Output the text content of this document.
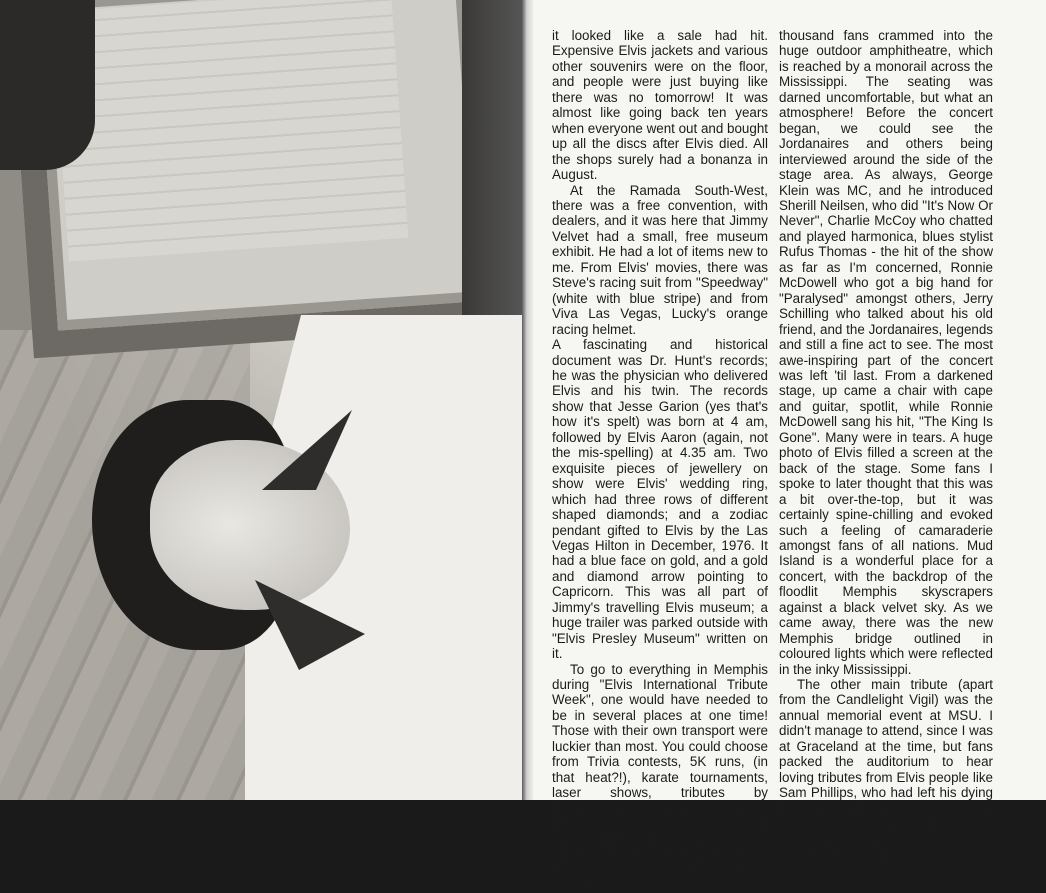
it looked like a sale had hit. Expensive Elvis jackets and various other souvenirs were on the floor, and people were just buying like there was no tomorrow! It was almost like going back ten years when everyone went out and bought up all the discs after Elvis died. All the shops surely had a bonanza in August.

At the Ramada South-West, there was a free convention, with dealers, and it was here that Jimmy Velvet had a small, free museum exhibit. He had a lot of items new to me. From Elvis' movies, there was Steve's racing suit from "Speedway" (white with blue stripe) and from Viva Las Vegas, Lucky's orange racing helmet.

A fascinating and historical document was Dr. Hunt's records; he was the physician who delivered Elvis and his twin. The records show that Jesse Garion (yes that's how it's spelt) was born at 4 am, followed by Elvis Aaron (again, not the mis-spelling) at 4.35 am. Two exquisite pieces of jewellery on show were Elvis' wedding ring, which had three rows of different shaped diamonds; and a zodiac pendant gifted to Elvis by the Las Vegas Hilton in December, 1976. It had a blue face on gold, and a gold and diamond arrow pointing to Capricorn. This was all part of Jimmy's travelling Elvis museum; a huge trailer was parked outside with "Elvis Presley Museum" written on it.

To go to everything in Memphis during "Elvis International Tribute Week", one would have needed to be in several places at one time! Those with their own transport were luckier than most. You could choose from Trivia contests, 5K runs, (in that heat?!), karate tournaments, laser shows, tributes by impersonators, auctions to raise money for good causes, and on and on. The BIG event, though, was the Mud Island concert on 13th August. On a warm Memphis evening, around five

thousand fans crammed into the huge outdoor amphitheatre, which is reached by a monorail across the Mississippi. The seating was darned uncomfortable, but what an atmosphere! Before the concert began, we could see the Jordanaires and others being interviewed around the side of the stage area. As always, George Klein was MC, and he introduced Sherill Neilsen, who did "It's Now Or Never", Charlie McCoy who chatted and played harmonica, blues stylist Rufus Thomas - the hit of the show as far as I'm concerned, Ronnie McDowell who got a big hand for "Paralysed" amongst others, Jerry Schilling who talked about his old friend, and the Jordanaires, legends and still a fine act to see. The most awe-inspiring part of the concert was left 'til last. From a darkened stage, up came a chair with cape and guitar, spotlit, while Ronnie McDowell sang his hit, "The King Is Gone". Many were in tears. A huge photo of Elvis filled a screen at the back of the stage. Some fans I spoke to later thought that this was a bit over-the-top, but it was certainly spine-chilling and evoked such a feeling of camaraderie amongst fans of all nations. Mud Island is a wonderful place for a concert, with the backdrop of the floodlit Memphis skyscrapers against a black velvet sky. As we came away, there was the new Memphis bridge outlined in coloured lights which were reflected in the inky Mississippi.

The other main tribute (apart from the Candlelight Vigil) was the annual memorial event at MSU. I didn't manage to attend, since I was at Graceland at the time, but fans packed the auditorium to hear loving tributes from Elvis people like Sam Phillips, who had left his dying brother's bedside to go and pay tribute to the king. Others who spoke at the memorial, hosted as ever by George Klein, were Sam's son
